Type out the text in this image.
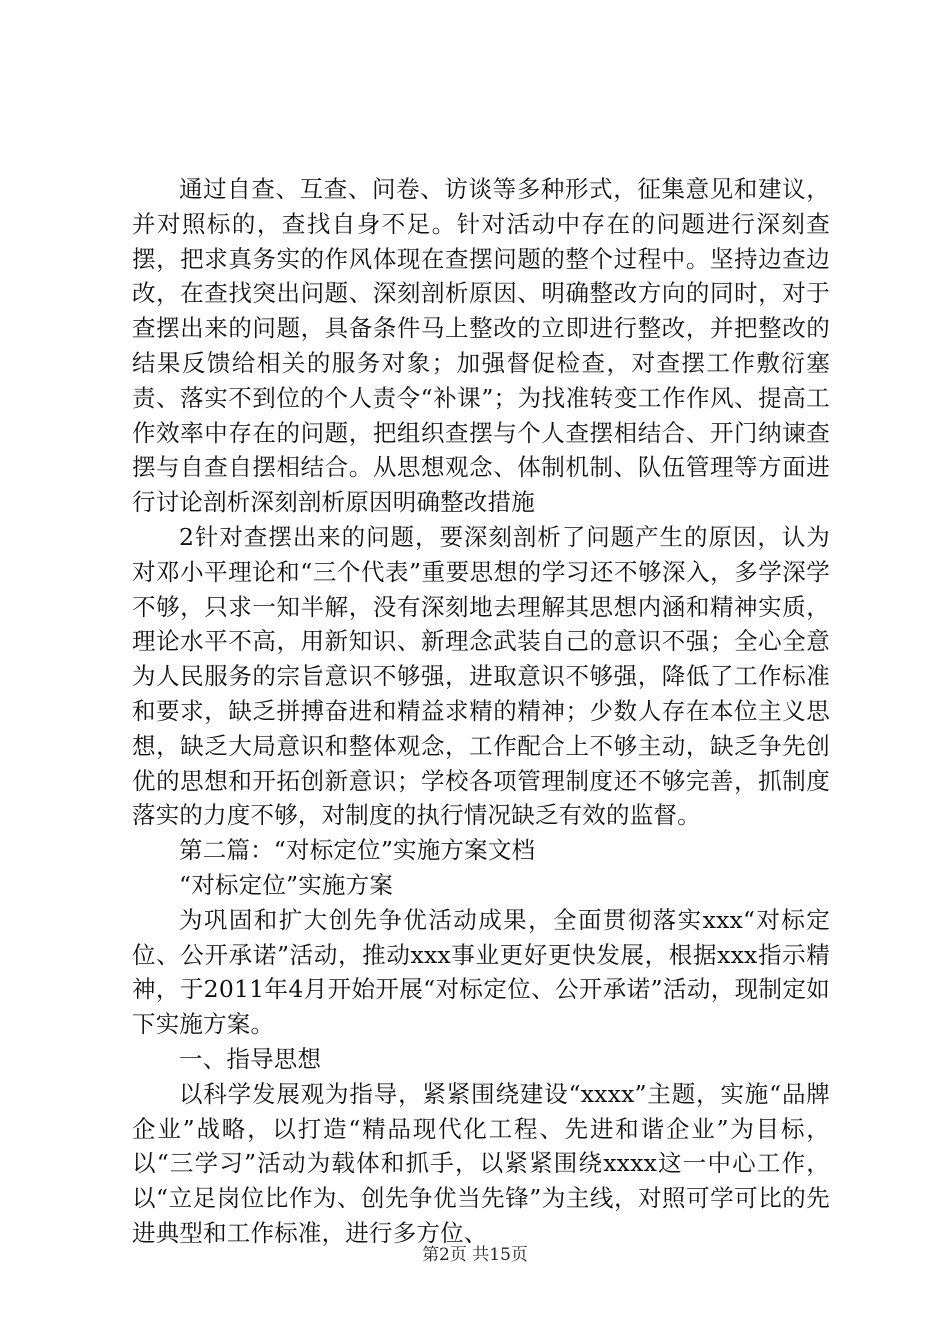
通过自查、互查、问卷、访谈等多种形式，征集意见和建议，并对照标的，查找自身不足。针对活动中存在的问题进行深刻查摆，把求真务实的作风体现在查摆问题的整个过程中。坚持边查边改，在查找突出问题、深刻剖析原因、明确整改方向的同时，对于查摆出来的问题，具备条件马上整改的立即进行整改，并把整改的结果反馈给相关的服务对象；加强督促检查，对查摆工作敷衍塞责、落实不到位的个人责令“补课”；为找准转变工作作风、提高工作效率中存在的问题，把组织查摆与个人查摆相结合、开门纳谏查摆与自查自摆相结合。从思想观念、体制机制、队伍管理等方面进行讨论剖析深刻剖析原因明确整改措施

2针对查摆出来的问题，要深刻剖析了问题产生的原因，认为对邓小平理论和“三个代表”重要思想的学习还不够深入，多学深学不够，只求一知半解，没有深刻地去理解其思想内涵和精神实质，理论水平不高，用新知识、新理念武装自己的意识不强；全心全意为人民服务的宗旨意识不够强，进取意识不够强，降低了工作标准和要求，缺乏拼搏奋进和精益求精的精神；少数人存在本位主义思想，缺乏大局意识和整体观念，工作配合上不够主动，缺乏争先创优的思想和开拓创新意识；学校各项管理制度还不够完善，抓制度落实的力度不够，对制度的执行情况缺乏有效的监督。

第二篇：“对标定位”实施方案文档

“对标定位”实施方案

为巩固和扩大创先争优活动成果，全面贯彻落实xxx“对标定位、公开承诺”活动，推动xxx事业更好更快发展，根据xxx指示精神，于2011年4月开始开展“对标定位、公开承诺”活动，现制定如下实施方案。

一、指导思想

以科学发展观为指导，紧紧围绕建设“xxxx”主题，实施“品牌企业”战略，以打造“精品现代化工程、先进和谐企业”为目标，以“三学习”活动为载体和抓手，以紧紧围绕xxxx这一中心工作，以“立足岗位比作为、创先争优当先锋”为主线，对照可学可比的先进典型和工作标准，进行多方位、

第2页 共15页
